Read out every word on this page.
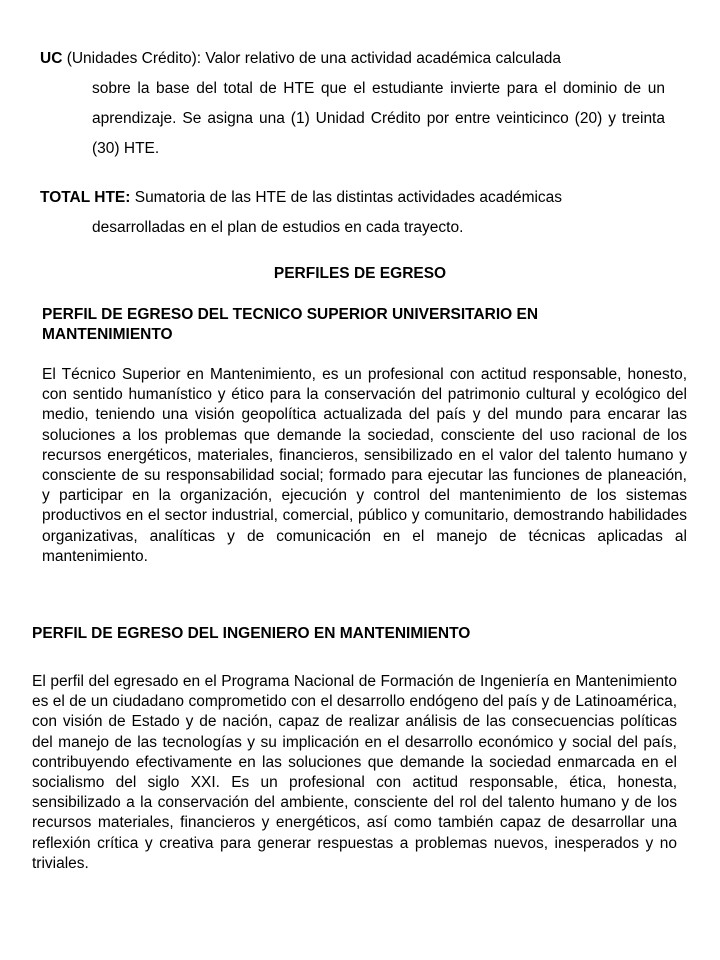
UC (Unidades Crédito): Valor relativo de una actividad académica calculada
sobre la base del total de HTE que el estudiante invierte para el dominio de un aprendizaje. Se asigna una (1) Unidad Crédito por entre veinticinco (20) y treinta (30) HTE.
TOTAL HTE: Sumatoria de las HTE de las distintas actividades académicas
desarrolladas en el plan de estudios en cada trayecto.
PERFILES DE EGRESO
PERFIL DE EGRESO DEL TECNICO SUPERIOR UNIVERSITARIO EN MANTENIMIENTO
El Técnico Superior en Mantenimiento, es un profesional con actitud responsable, honesto, con sentido humanístico y ético para la conservación del patrimonio cultural y ecológico del medio, teniendo una visión geopolítica actualizada del país y del mundo para encarar las soluciones a los problemas que demande la sociedad, consciente del uso racional de los recursos energéticos, materiales, financieros, sensibilizado en el valor del talento humano y consciente de su responsabilidad social; formado para ejecutar las funciones de planeación, y participar en la organización, ejecución y control del mantenimiento de los sistemas productivos en el sector industrial, comercial, público y comunitario, demostrando habilidades organizativas, analíticas y de comunicación en el manejo de técnicas aplicadas al mantenimiento.
PERFIL DE EGRESO DEL INGENIERO EN MANTENIMIENTO
El perfil del egresado en el Programa Nacional de Formación de Ingeniería en Mantenimiento es el de un ciudadano comprometido con el desarrollo endógeno del país y de Latinoamérica, con visión de Estado y de nación, capaz de realizar análisis de las consecuencias políticas del manejo de las tecnologías y su implicación en el desarrollo económico y social del país, contribuyendo efectivamente en las soluciones que demande la sociedad enmarcada en el socialismo del siglo XXI. Es un profesional con actitud responsable, ética, honesta, sensibilizado a la conservación del ambiente, consciente del rol del talento humano y de los recursos materiales, financieros y energéticos, así como también capaz de desarrollar una reflexión crítica y creativa para generar respuestas a problemas nuevos, inesperados y no triviales.
